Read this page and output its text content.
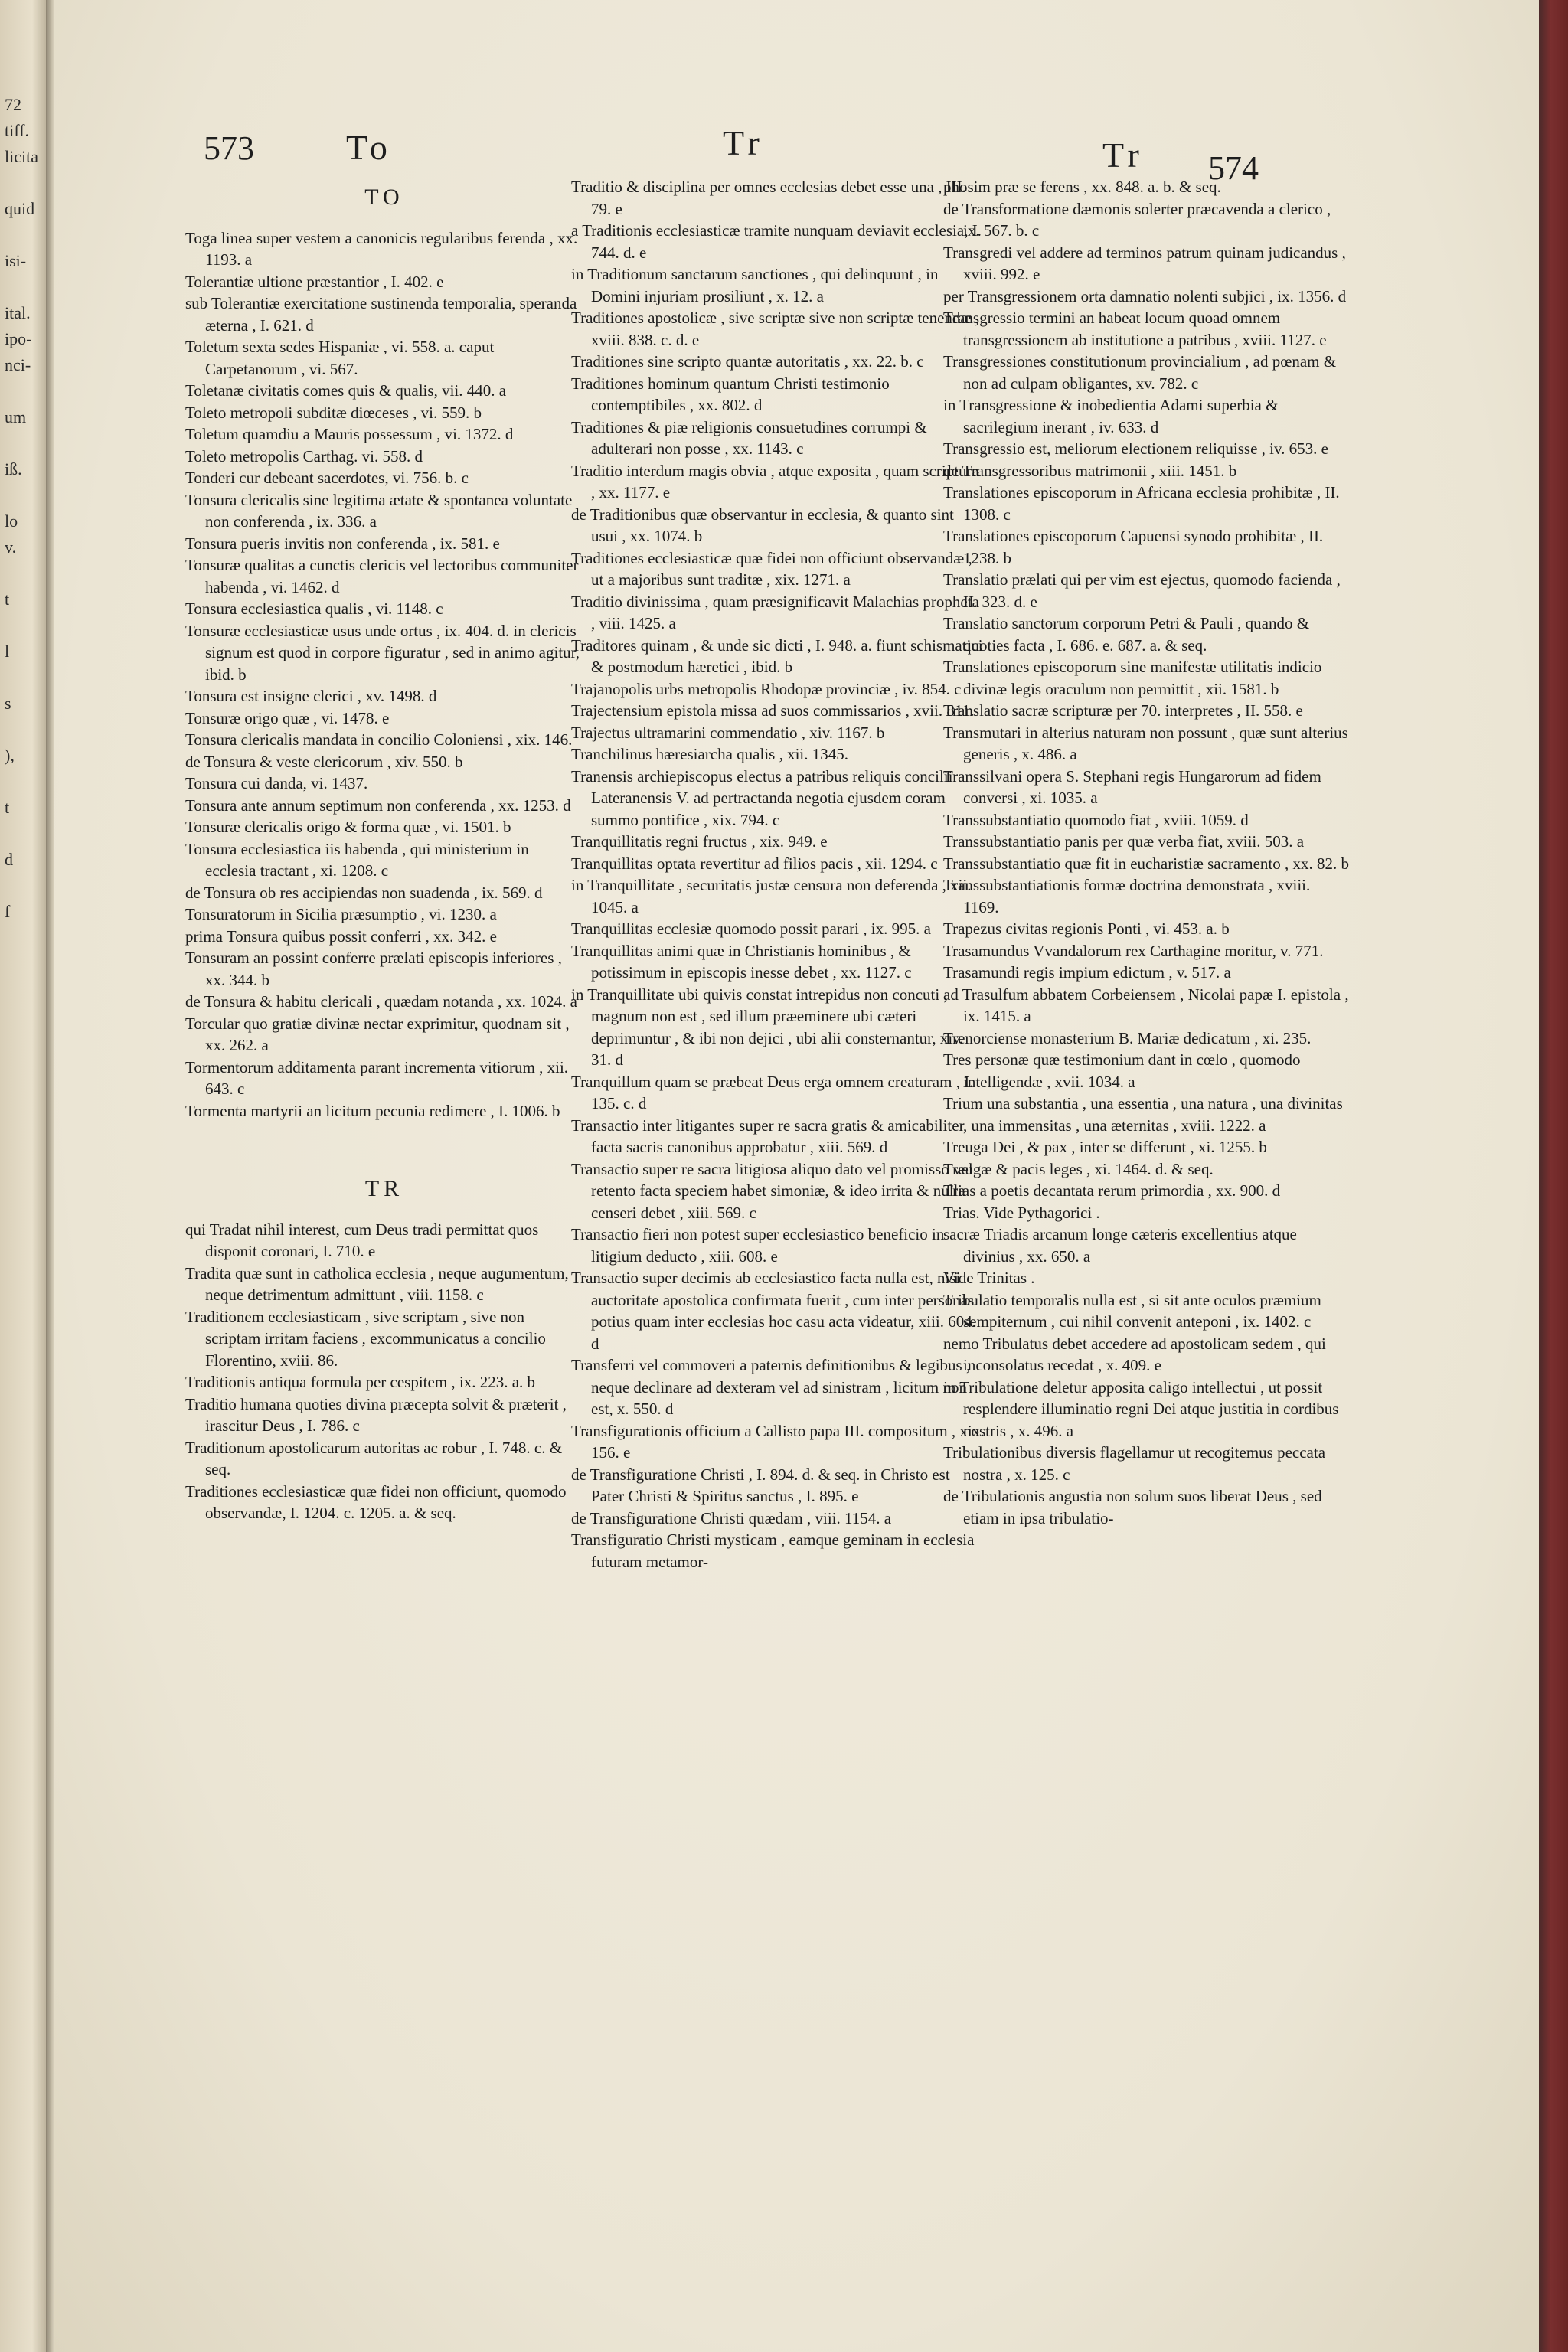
72
tiff.
licita

quid

isi-

ital.
ipo-
nci-

um

iß.

lo
v.

t

l

s

),

t

d

f
573	To	Tr	Tr 574
TO

Toga linea super vestem a canonicis regularibus ferenda , xx. 1193. a

Tolerantiæ ultione præstantior , I. 402. e

sub Tolerantiæ exercitatione sustinenda temporalia, speranda æterna , I. 621. d

Toletum sexta sedes Hispaniæ , vi. 558. a. caput Carpetanorum , vi. 567.

Toletanæ civitatis comes quis & qualis, vii. 440. a

Toleto metropoli subditæ diœceses , vi. 559. b

Toletum quamdiu a Mauris possessum , vi. 1372. d

Toleto metropolis Carthag. vi. 558. d

Tonderi cur debeant sacerdotes, vi. 756. b. c

Tonsura clericalis sine legitima ætate & spontanea voluntate non conferenda , ix. 336. a

Tonsura pueris invitis non conferenda , ix. 581. e

Tonsuræ qualitas a cunctis clericis vel lectoribus communiter habenda , vi. 1462. d

Tonsura ecclesiastica qualis , vi. 1148. c

Tonsuræ ecclesiasticæ usus unde ortus , ix. 404. d. in clericis signum est quod in corpore figuratur , sed in animo agitur, ibid. b

Tonsura est insigne clerici , xv. 1498. d

Tonsuræ origo quæ , vi. 1478. e

Tonsura clericalis mandata in concilio Coloniensi , xix. 146.

de Tonsura & veste clericorum , xiv. 550. b

Tonsura cui danda, vi. 1437.

Tonsura ante annum septimum non conferenda , xx. 1253. d

Tonsuræ clericalis origo & forma quæ , vi. 1501. b

Tonsura ecclesiastica iis habenda , qui ministerium in ecclesia tractant , xi. 1208. c

de Tonsura ob res accipiendas non suadenda , ix. 569. d

Tonsuratorum in Sicilia præsumptio , vi. 1230. a

prima Tonsura quibus possit conferri , xx. 342. e

Tonsuram an possint conferre prælati episcopis inferiores , xx. 344. b

de Tonsura & habitu clericali , quædam notanda , xx. 1024. a

Torcular quo gratiæ divinæ nectar exprimitur, quodnam sit , xx. 262. a

Tormentorum additamenta parant incrementa vitiorum , xii. 643. c

Tormenta martyrii an licitum pecunia redimere , I. 1006. b

TR

qui Tradat nihil interest, cum Deus tradi permittat quos disponit coronari, I. 710. e

Tradita quæ sunt in catholica ecclesia , neque augumentum, neque detrimentum admittunt , viii. 1158. c

Traditionem ecclesiasticam , sive scriptam , sive non scriptam irritam faciens , excommunicatus a concilio Florentino, xviii. 86.

Traditionis antiqua formula per cespitem , ix. 223. a. b

Traditio humana quoties divina præcepta solvit & præterit , irascitur Deus , I. 786. c

Traditionum apostolicarum autoritas ac robur , I. 748. c. & seq.

Traditiones ecclesiasticæ quæ fidei non officiunt, quomodo observandæ, I. 1204. c. 1205. a. & seq.

Traditio & disciplina per omnes ecclesias debet esse una , III. 79. e

a Traditionis ecclesiasticæ tramite nunquam deviavit ecclesia, I. 744. d. e

in Traditionum sanctarum sanctiones , qui delinquunt , in Domini injuriam prosiliunt , x. 12. a

Traditiones apostolicæ , sive scriptæ sive non scriptæ tenendæ , xviii. 838. c. d. e

Traditiones sine scripto quantæ autoritatis , xx. 22. b. c

Traditiones hominum quantum Christi testimonio contemptibiles , xx. 802. d

Traditiones & piæ religionis consuetudines corrumpi & adulterari non posse , xx. 1143. c

Traditio interdum magis obvia , atque exposita , quam scriptura , xx. 1177. e

de Traditionibus quæ observantur in ecclesia, & quanto sint usui , xx. 1074. b

Traditiones ecclesiasticæ quæ fidei non officiunt observandæ , ut a majoribus sunt traditæ , xix. 1271. a

Traditio divinissima , quam præsignificavit Malachias propheta , viii. 1425. a

Traditores quinam , & unde sic dicti , I. 948. a. fiunt schismatici & postmodum hæretici , ibid. b

Trajanopolis urbs metropolis Rhodopæ provinciæ , iv. 854. c

Trajectensium epistola missa ad suos commissarios , xvii. 811.

Trajectus ultramarini commendatio , xiv. 1167. b

Tranchilinus hæresiarcha qualis , xii. 1345.

Tranensis archiepiscopus electus a patribus reliquis concilii Lateranensis V. ad pertractanda negotia ejusdem coram summo pontifice , xix. 794. c

Tranquillitatis regni fructus , xix. 949. e

Tranquillitas optata revertitur ad filios pacis , xii. 1294. c

in Tranquillitate , securitatis justæ censura non deferenda , xii. 1045. a

Tranquillitas ecclesiæ quomodo possit parari , ix. 995. a

Tranquillitas animi quæ in Christianis hominibus , & potissimum in episcopis inesse debet , xx. 1127. c

in Tranquillitate ubi quivis constat intrepidus non concuti , magnum non est , sed illum præeminere ubi cæteri deprimuntur , & ibi non dejici , ubi alii consternantur, xiv. 31. d

Tranquillum quam se præbeat Deus erga omnem creaturam , I. 135. c. d

Transactio inter litigantes super re sacra gratis & amicabiliter facta sacris canonibus approbatur , xiii. 569. d

Transactio super re sacra litigiosa aliquo dato vel promisso vel retento facta speciem habet simoniæ, & ideo irrita & nulla censeri debet , xiii. 569. c

Transactio fieri non potest super ecclesiastico beneficio in litigium deducto , xiii. 608. e

Transactio super decimis ab ecclesiastico facta nulla est, nisi auctoritate apostolica confirmata fuerit , cum inter personas potius quam inter ecclesias hoc casu acta videatur, xiii. 604. d

Transferri vel commoveri a paternis definitionibus & legibus , neque declinare ad dexteram vel ad sinistram , licitum non est, x. 550. d

Transfigurationis officium a Callisto papa III. compositum , xix. 156. e

de Transfiguratione Christi , I. 894. d. & seq. in Christo est Pater Christi & Spiritus sanctus , I. 895. e

de Transfiguratione Christi quædam , viii. 1154. a

Transfiguratio Christi mysticam , eamque geminam in ecclesia futuram metamor-

phosim præ se ferens , xx. 848. a. b. & seq.

de Transformatione dæmonis solerter præcavenda a clerico , ix. 567. b. c

Transgredi vel addere ad terminos patrum quinam judicandus , xviii. 992. e

per Transgressionem orta damnatio nolenti subjici , ix. 1356. d

Transgressio termini an habeat locum quoad omnem transgressionem ab institutione a patribus , xviii. 1127. e

Transgressiones constitutionum provincialium , ad pœnam & non ad culpam obligantes, xv. 782. c

in Transgressione & inobedientia Adami superbia & sacrilegium inerant , iv. 633. d

Transgressio est, meliorum electionem reliquisse , iv. 653. e

de Transgressoribus matrimonii , xiii. 1451. b

Translationes episcoporum in Africana ecclesia prohibitæ , II. 1308. c

Translationes episcoporum Capuensi synodo prohibitæ , II. 1238. b

Translatio prælati qui per vim est ejectus, quomodo facienda , II. 323. d. e

Translatio sanctorum corporum Petri & Pauli , quando & quoties facta , I. 686. e. 687. a. & seq.

Translationes episcoporum sine manifestæ utilitatis indicio divinæ legis oraculum non permittit , xii. 1581. b

Translatio sacræ scripturæ per 70. interpretes , II. 558. e

Transmutari in alterius naturam non possunt , quæ sunt alterius generis , x. 486. a

Transsilvani opera S. Stephani regis Hungarorum ad fidem conversi , xi. 1035. a

Transsubstantiatio quomodo fiat , xviii. 1059. d

Transsubstantiatio panis per quæ verba fiat, xviii. 503. a

Transsubstantiatio quæ fit in eucharistiæ sacramento , xx. 82. b

Transsubstantiationis formæ doctrina demonstrata , xviii. 1169.

Trapezus civitas regionis Ponti , vi. 453. a. b

Trasamundus Vvandalorum rex Carthagine moritur, v. 771.

Trasamundi regis impium edictum , v. 517. a

ad Trasulfum abbatem Corbeiensem , Nicolai papæ I. epistola , ix. 1415. a

Trenorciense monasterium B. Mariæ dedicatum , xi. 235.

Tres personæ quæ testimonium dant in cœlo , quomodo intelligendæ , xvii. 1034. a

Trium una substantia , una essentia , una natura , una divinitas , una immensitas , una æternitas , xviii. 1222. a

Treuga Dei , & pax , inter se differunt , xi. 1255. b

Treugæ & pacis leges , xi. 1464. d. & seq.

Trias a poetis decantata rerum primordia , xx. 900. d

Trias. Vide Pythagorici .

sacræ Triadis arcanum longe cæteris excellentius atque divinius , xx. 650. a

Vide Trinitas .

Tribulatio temporalis nulla est , si sit ante oculos præmium sempiternum , cui nihil convenit anteponi , ix. 1402. c

nemo Tribulatus debet accedere ad apostolicam sedem , qui inconsolatus recedat , x. 409. e

in Tribulatione deletur apposita caligo intellectui , ut possit resplendere illuminatio regni Dei atque justitia in cordibus nostris , x. 496. a

Tribulationibus diversis flagellamur ut recogitemus peccata nostra , x. 125. c

de Tribulationis angustia non solum suos liberat Deus , sed etiam in ipsa tribulatio-
